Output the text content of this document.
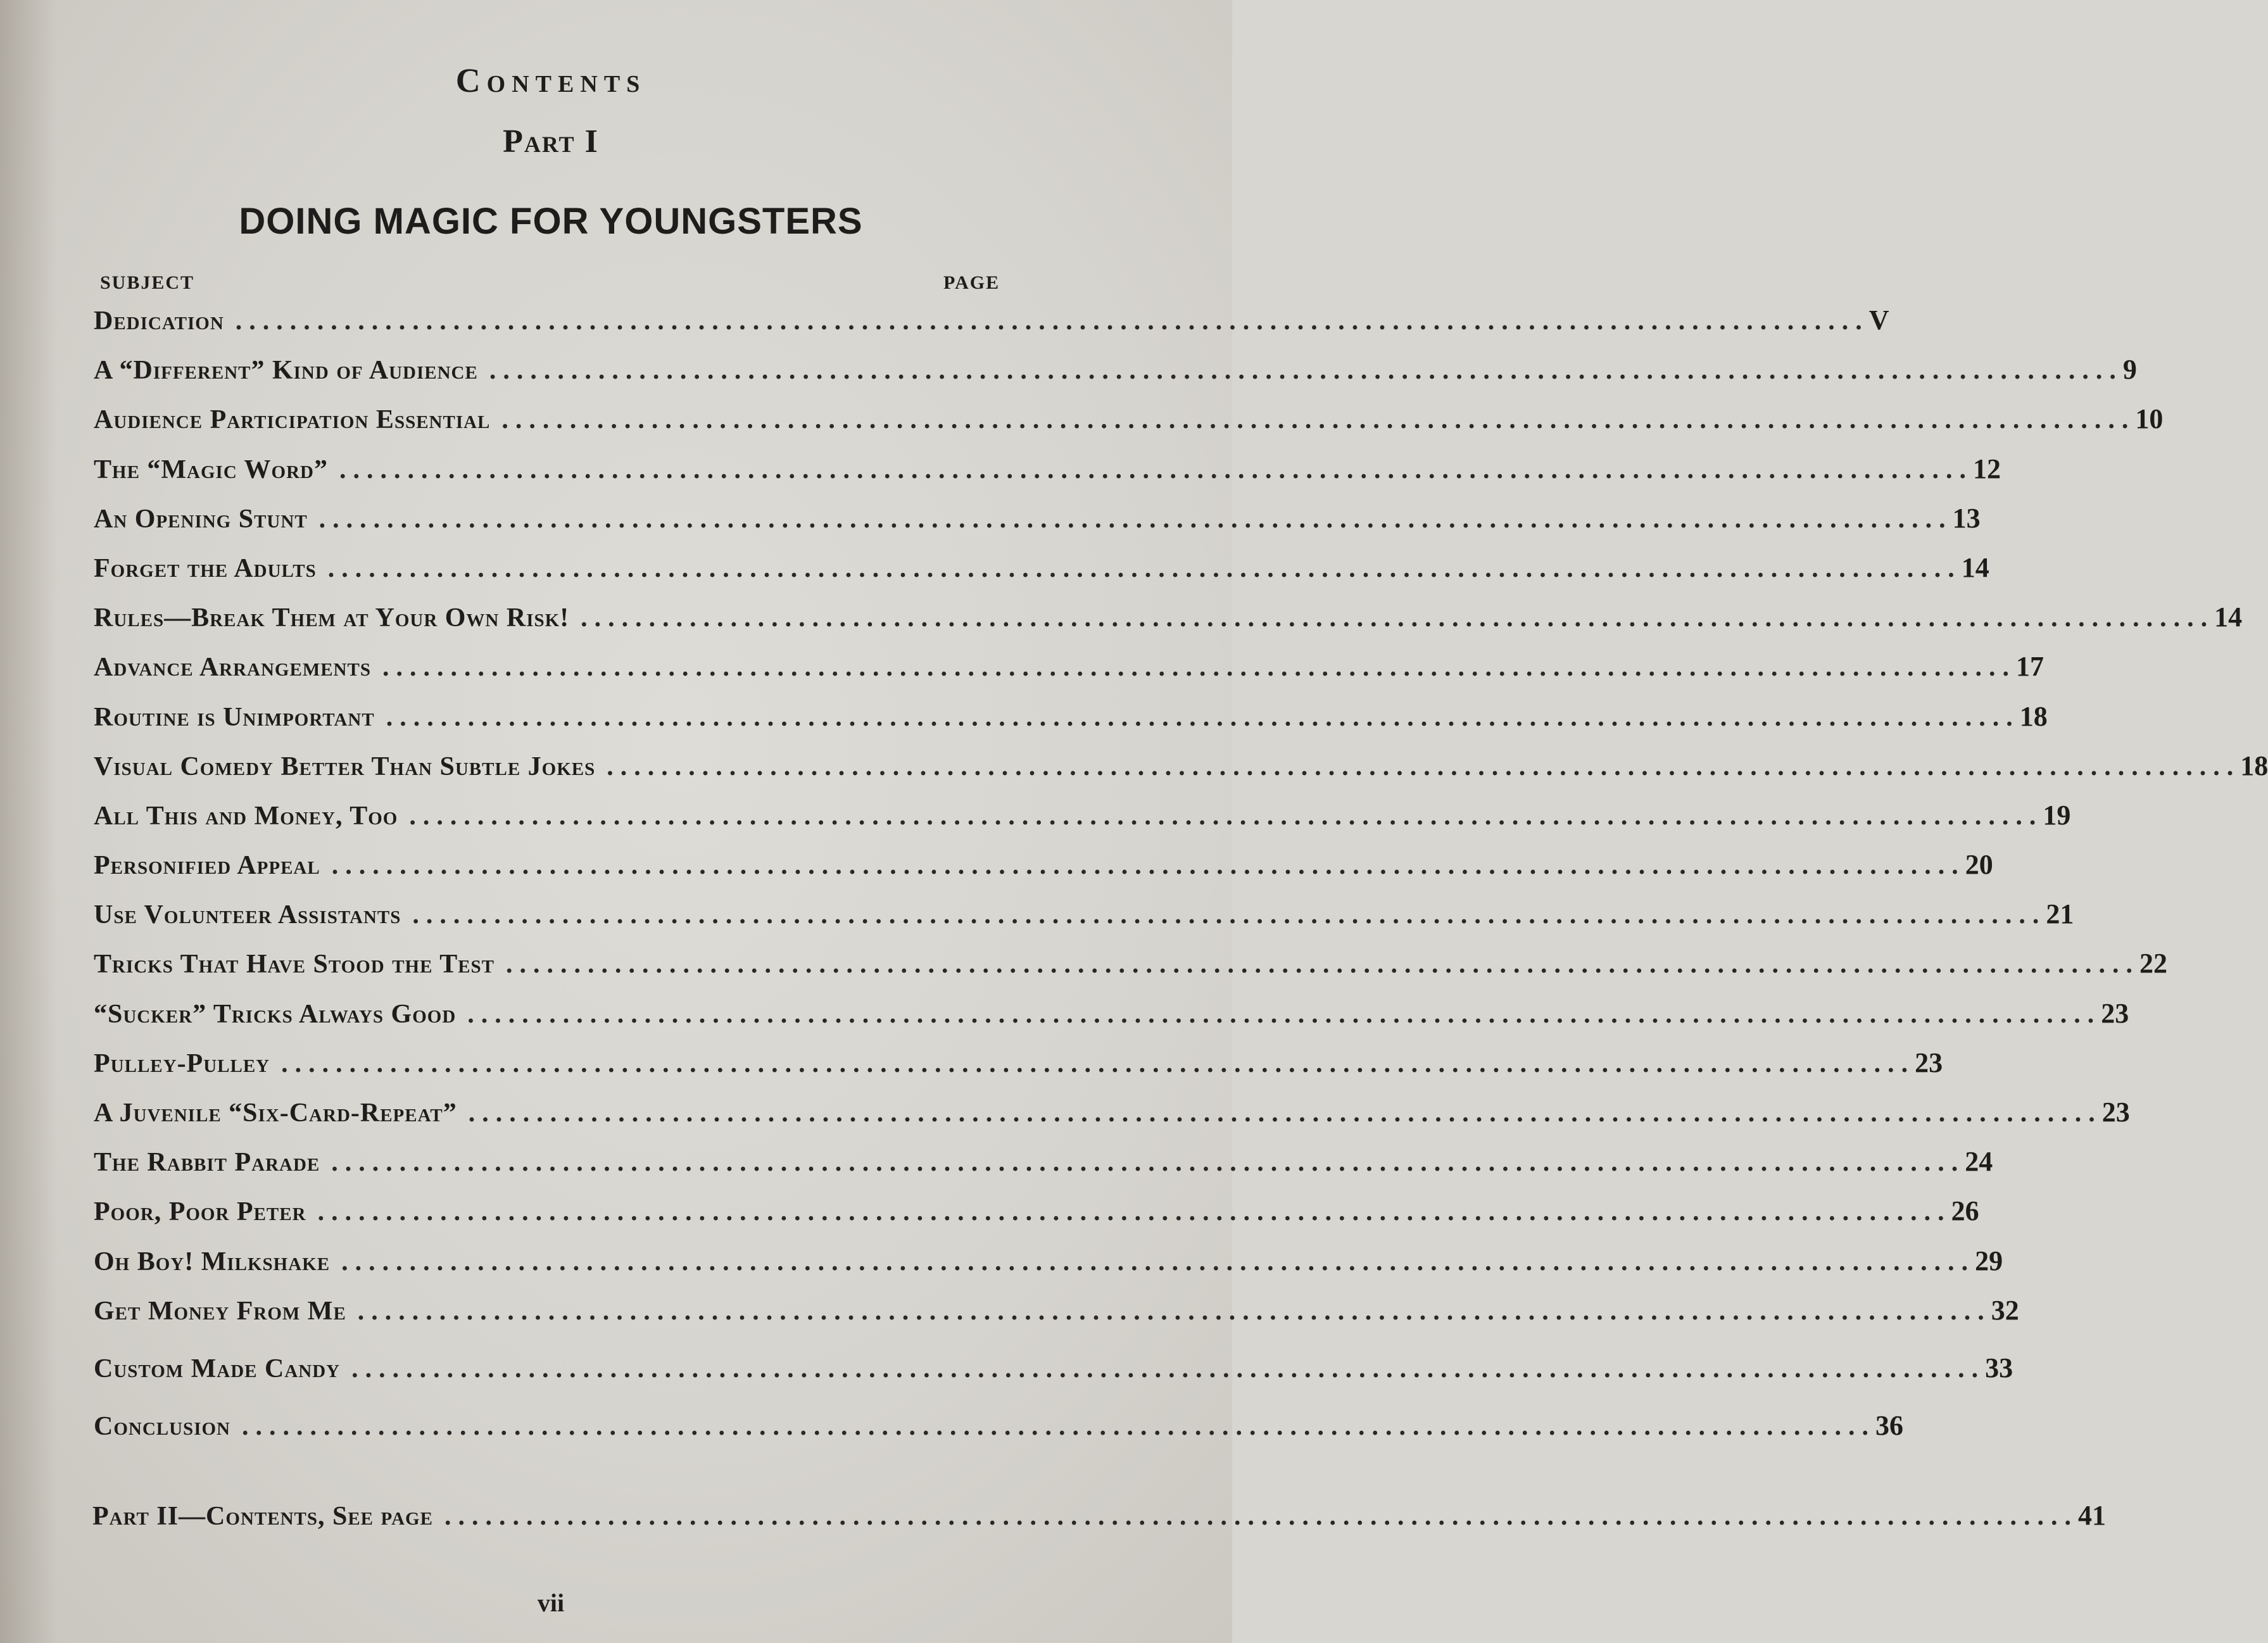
Contents
Part I
DOING MAGIC FOR YOUNGSTERS
SUBJECT	PAGE
Dedication ........................................................................................................................ V
A “Different” Kind of Audience ........................................................................................................................ 9
Audience Participation Essential ........................................................................................................................ 10
The “Magic Word” ........................................................................................................................ 12
An Opening Stunt ........................................................................................................................ 13
Forget the Adults ........................................................................................................................ 14
Rules—Break Them at Your Own Risk! ........................................................................................................................ 14
Advance Arrangements ........................................................................................................................ 17
Routine is Unimportant ........................................................................................................................ 18
Visual Comedy Better Than Subtle Jokes ........................................................................................................................ 18
All This and Money, Too ........................................................................................................................ 19
Personified Appeal ........................................................................................................................ 20
Use Volunteer Assistants ........................................................................................................................ 21
Tricks That Have Stood the Test ........................................................................................................................ 22
“Sucker” Tricks Always Good ........................................................................................................................ 23
Pulley-Pulley ........................................................................................................................ 23
A Juvenile “Six-Card-Repeat” ........................................................................................................................ 23
The Rabbit Parade ........................................................................................................................ 24
Poor, Poor Peter ........................................................................................................................ 26
Oh Boy! Milkshake ........................................................................................................................ 29
Get Money From Me ........................................................................................................................ 32
Custom Made Candy ........................................................................................................................ 33
Conclusion ........................................................................................................................ 36
Part II—Contents, See page ........................................................................................................................ 41
vii
